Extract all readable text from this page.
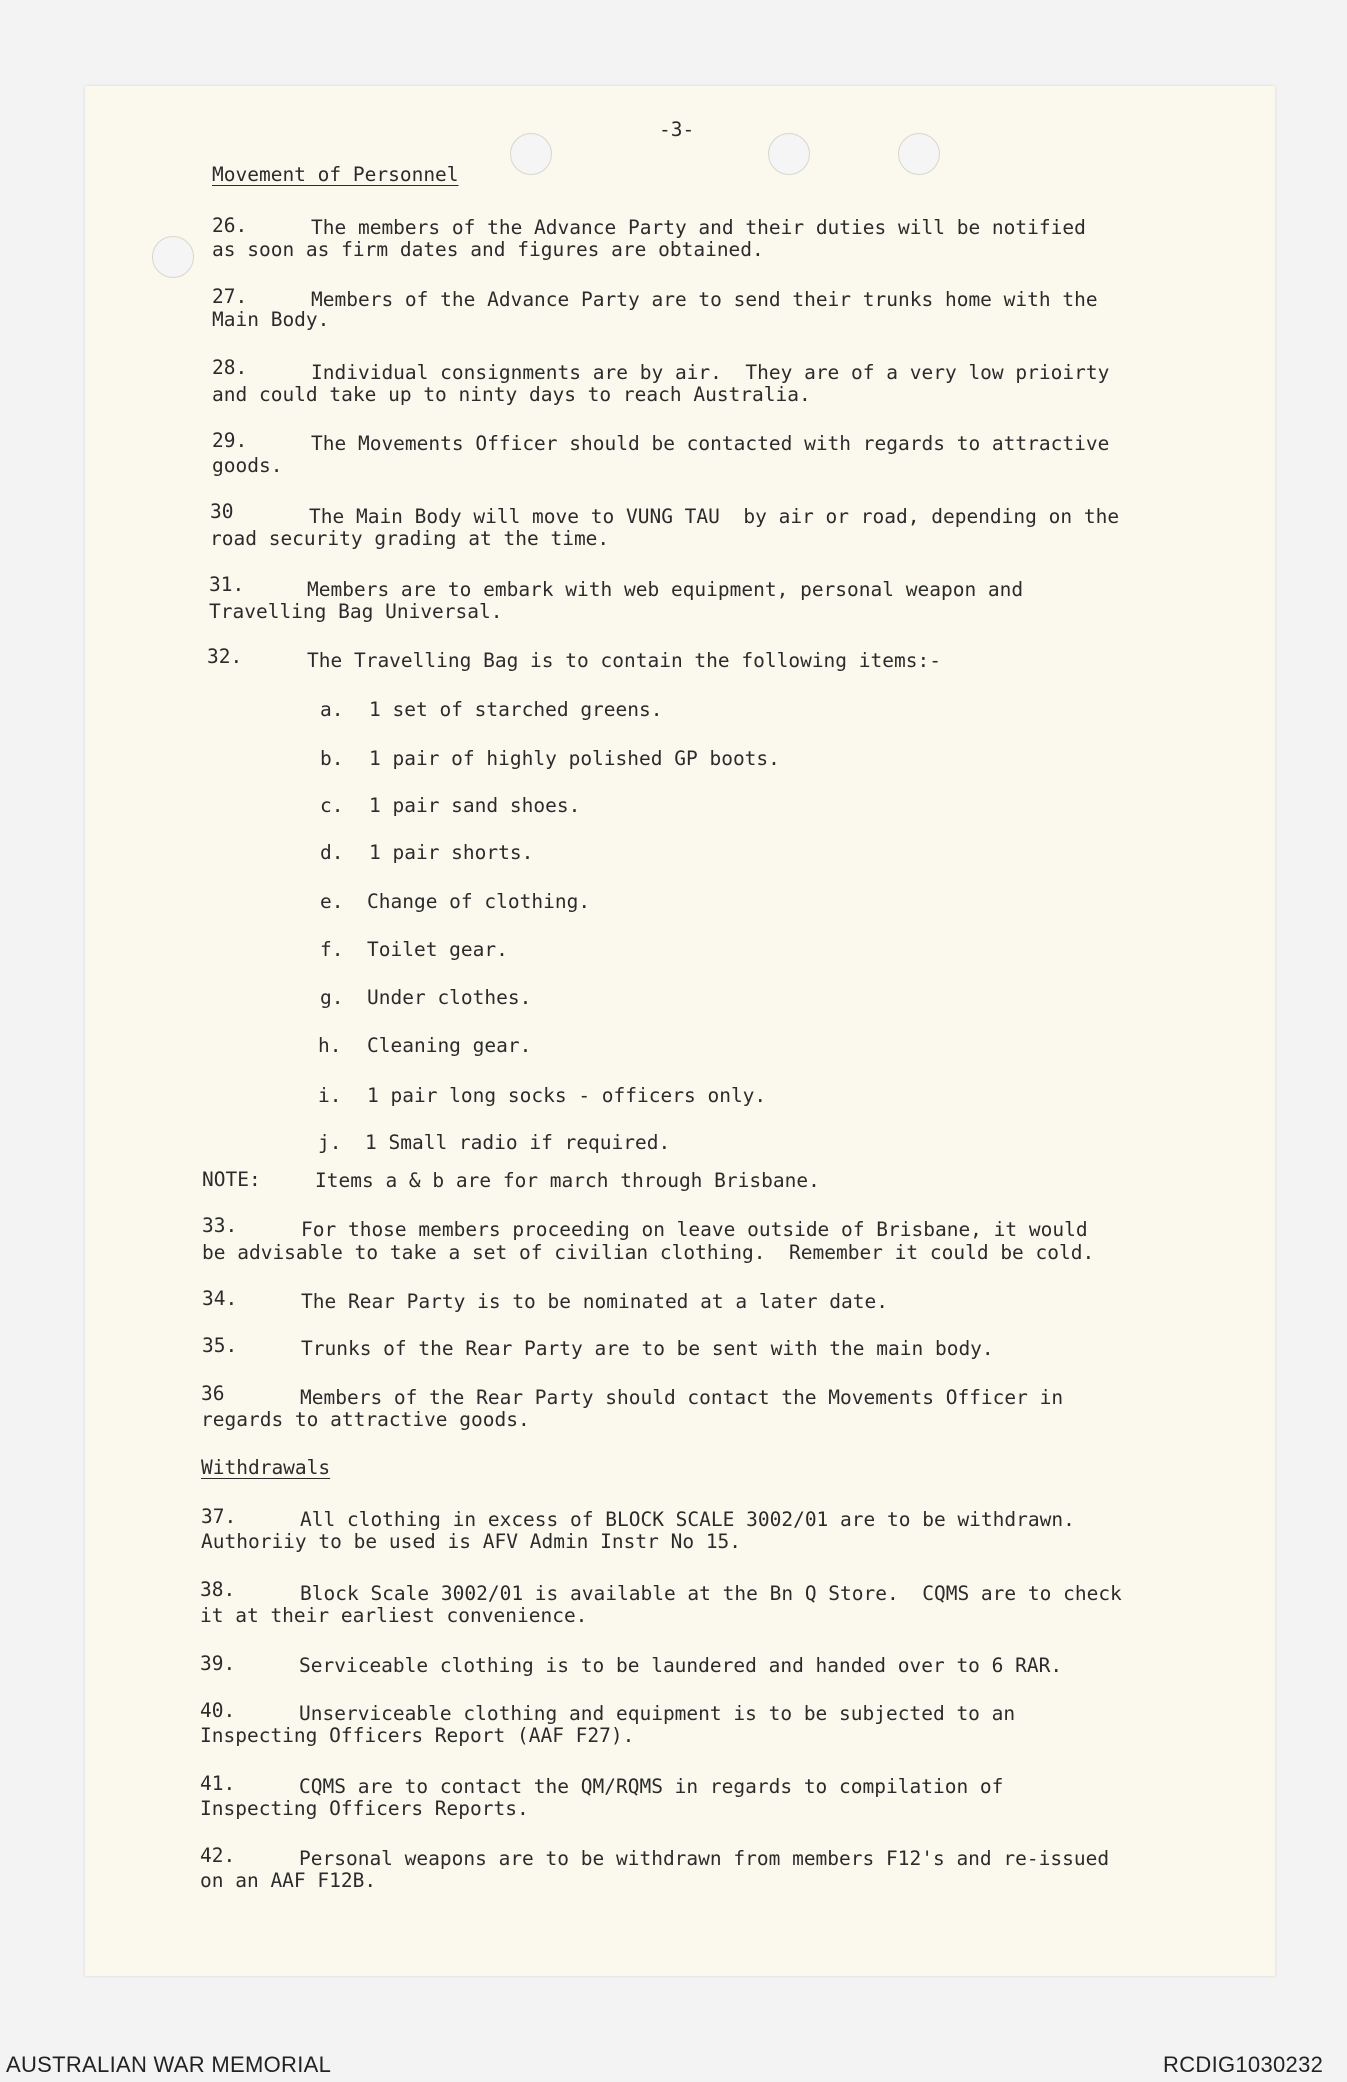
-3-
Movement of Personnel
26.	The members of the Advance Party and their duties will be notified
as soon as firm dates and figures are obtained.
27.	Members of the Advance Party are to send their trunks home with the
Main Body.
28.	Individual consignments are by air.  They are of a very low prioirty
and could take up to ninty days to reach Australia.
29.	The Movements Officer should be contacted with regards to attractive
goods.
30	The Main Body will move to VUNG TAU  by air or road, depending on the
road security grading at the time.
31.	Members are to embark with web equipment, personal weapon and
Travelling Bag Universal.
32.	The Travelling Bag is to contain the following items:-
a. 1 set of starched greens.
b. 1 pair of highly polished GP boots.
c. 1 pair sand shoes.
d. 1 pair shorts.
e. Change of clothing.
f. Toilet gear.
g. Under clothes.
h. Cleaning gear.
i. 1 pair long socks - officers only.
j. 1 Small radio if required.
NOTE:	Items a & b are for march through Brisbane.
33.	For those members proceeding on leave outside of Brisbane, it would
be advisable to take a set of civilian clothing.  Remember it could be cold.
34.	The Rear Party is to be nominated at a later date.
35.	Trunks of the Rear Party are to be sent with the main body.
36	Members of the Rear Party should contact the Movements Officer in
regards to attractive goods.
Withdrawals
37.	All clothing in excess of BLOCK SCALE 3002/01 are to be withdrawn.
Authoriiy to be used is AFV Admin Instr No 15.
38.	Block Scale 3002/01 is available at the Bn Q Store.  CQMS are to check
it at their earliest convenience.
39.	Serviceable clothing is to be laundered and handed over to 6 RAR.
40.	Unserviceable clothing and equipment is to be subjected to an
Inspecting Officers Report (AAF F27).
41.	CQMS are to contact the QM/RQMS in regards to compilation of
Inspecting Officers Reports.
42.	Personal weapons are to be withdrawn from members F12's and re-issued
on an AAF F12B.
AUSTRALIAN WAR MEMORIAL	RCDIG1030232
